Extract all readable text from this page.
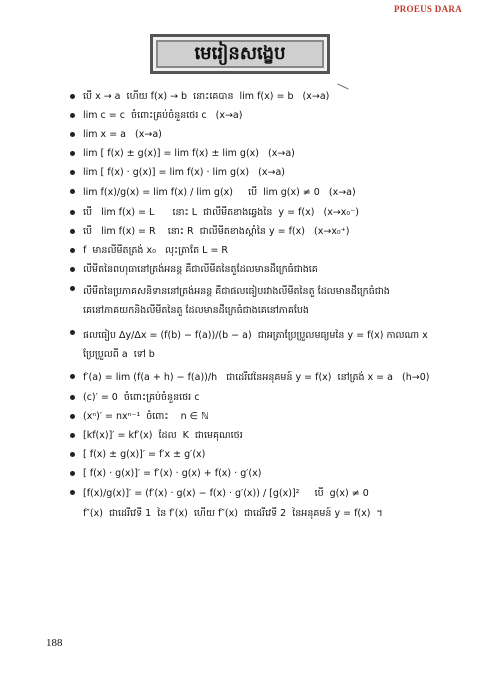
PROEUS DARA
មេរៀនសង្ខេប
បើ x → a  ហើយ f(x) → b  នោះគេបាន  lim f(x) = b   (x→a)
lim c = c  ចំពោះគ្រប់ចំនួនថេរ c   (x→a)
lim x = a   (x→a)
lim [ f(x) ± g(x)] = lim f(x) ± lim g(x)   (x→a)
lim [ f(x) · g(x)] = lim f(x) · lim g(x)   (x→a)
lim f(x)/g(x) = lim f(x) / lim g(x)     បើ  lim g(x) ≠ 0   (x→a)
បើ   lim f(x) = L      នោះ L  ជាលីមីតខាងឆ្វេងនៃ  y = f(x)   (x→x₀⁻)
បើ   lim f(x) = R    នោះ R  ជាលីមីតខាងស្ដាំនៃ y = f(x)   (x→x₀⁺)
f  មានលីមីតត្រង់ x₀   លុះត្រាតែ L = R
លីមីតនៃពហុធានៅត្រង់អនន្ត គឺជាលីមីតនៃតួដែលមានដឺក្រេធំជាងគេ
លីមីតនៃប្រភាគសនិទាននៅត្រង់អនន្ត គឺជាផលធៀបរវាងលីមីតនៃតួ ដែលមានដឺក្រេធំជាង
គេនៅភាគយកនិងលីមីតនៃតួ ដែលមានដឺក្រេធំជាងគេនៅភាគបែង
ផលធៀប Δy/Δx = (f(b) − f(a))/(b − a)  ជាអត្រាប្រែប្រួលមធ្យមនៃ y = f(x) កាលណា x
ប្រែប្រួលពី a  ទៅ b
f′(a) = lim (f(a + h) − f(a))/h   ជាដេរីវេនៃអនុគមន៍ y = f(x)  នៅត្រង់ x = a   (h→0)
(c)′ = 0  ចំពោះគ្រប់ចំនួនថេរ c
(xⁿ)′ = nxⁿ⁻¹  ចំពោះ    n ∈ ℕ
[kf(x)]′ = kf′(x)  ដែល  K  ជាមេគុណថេរ
[ f(x) ± g(x)]′ = f′x ± g′(x)
[ f(x) · g(x)]′ = f′(x) · g(x) + f(x) · g′(x)
[f(x)/g(x)]′ = (f′(x) · g(x) − f(x) · g′(x)) / [g(x)]²     បើ  g(x) ≠ 0
f″(x)  ជាដេរីវេទី 1  នៃ f′(x)  ហើយ f″(x)  ជាដេរីវេទី 2  នៃអនុគមន៍ y = f(x)  ។
188
